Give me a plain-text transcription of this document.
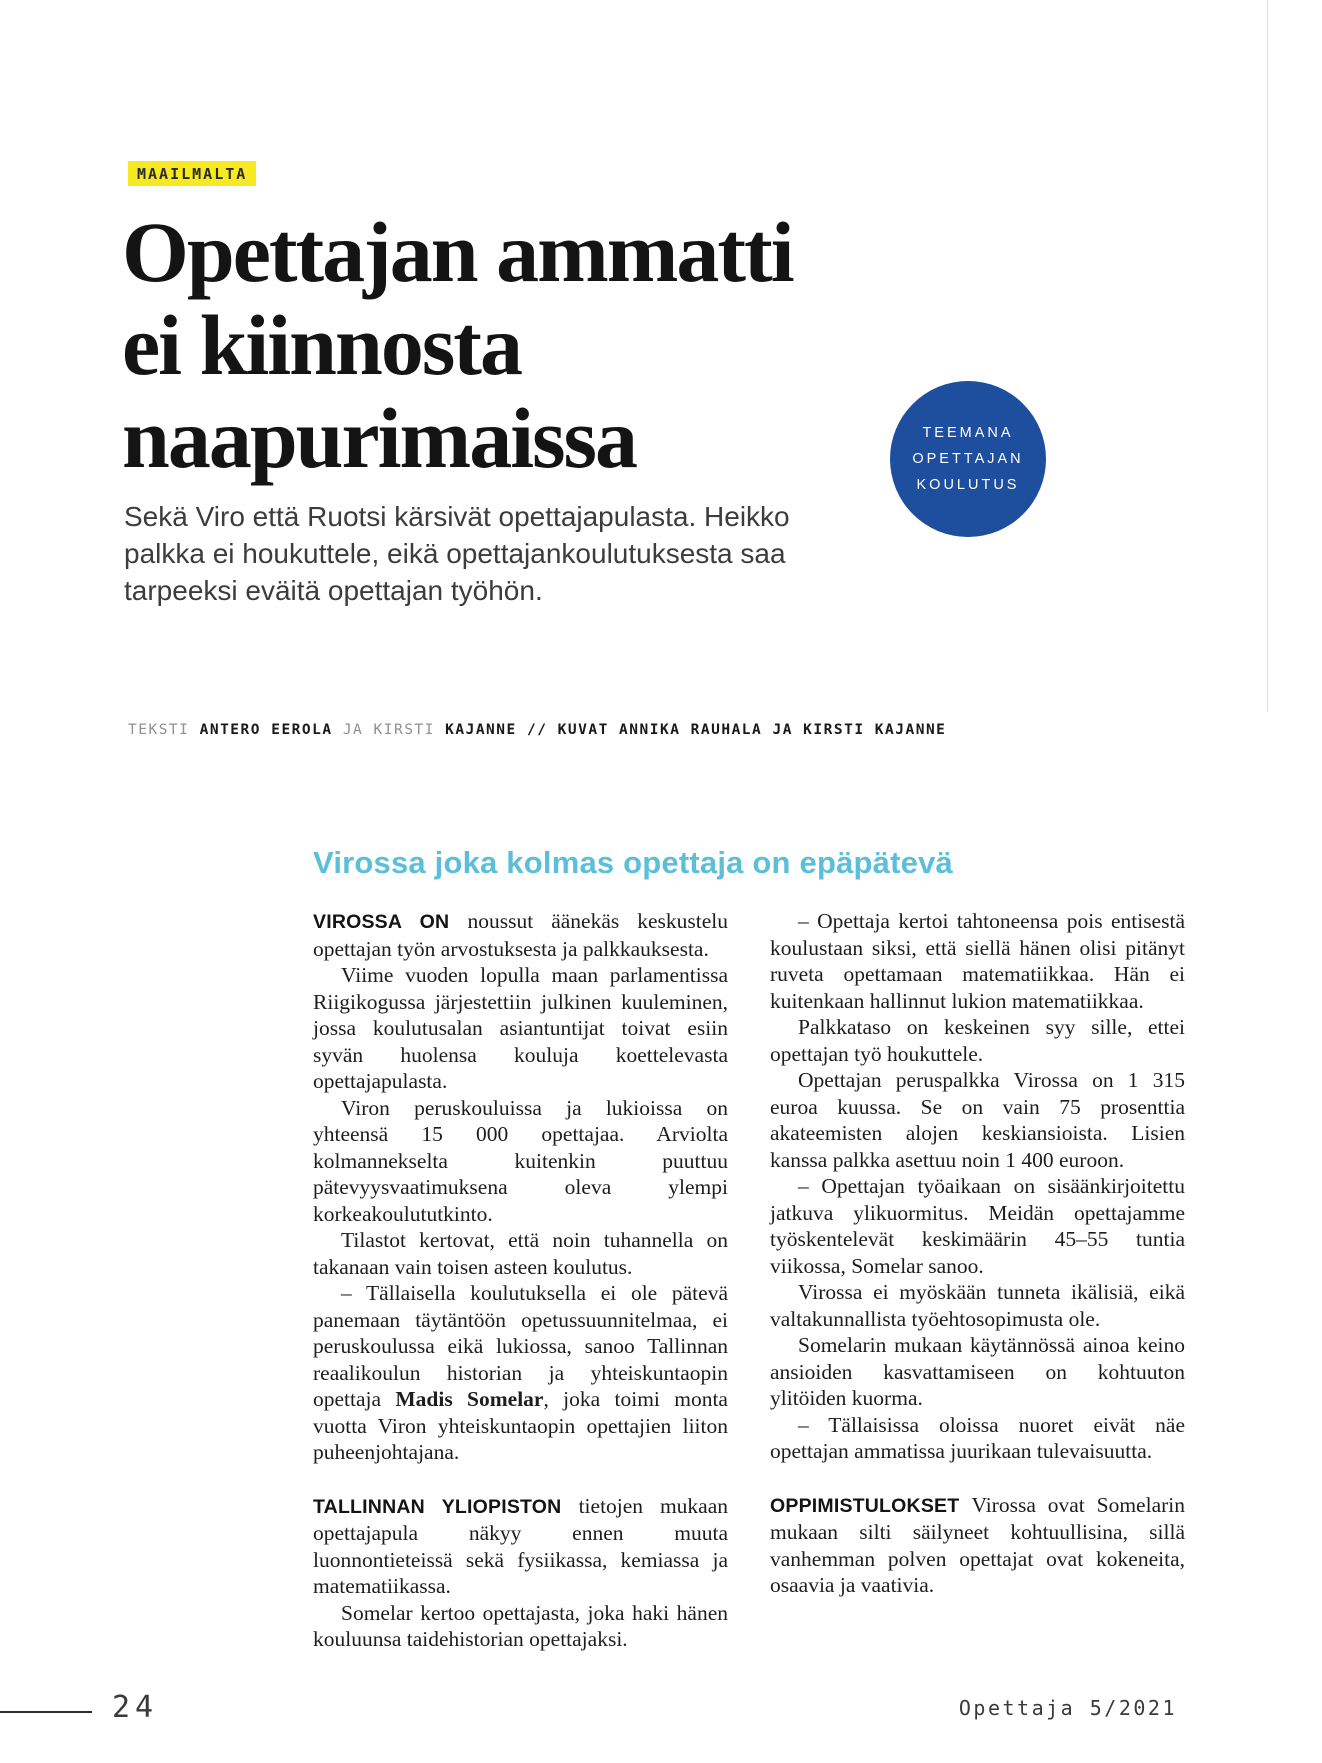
MAAILMALTA
Opettajan ammatti
ei kiinnosta
naapurimaissa	TEEMANA
OPETTAJAN
KOULUTUS

Sekä Viro että Ruotsi kärsivät opettajapulasta. Heikko palkka ei houkuttele, eikä opettajankoulutuksesta saa tarpeeksi eväitä opettajan työhön.

TEKSTI ANTERO EEROLA JA KIRSTI KAJANNE // KUVAT ANNIKA RAUHALA JA KIRSTI KAJANNE
Virossa joka kolmas opettaja on epäpätevä

VIROSSA ON noussut äänekäs keskustelu opettajan työn arvostuksesta ja palkkauksesta.

Viime vuoden lopulla maan parlamentissa Riigikogussa järjestettiin julkinen kuuleminen, jossa koulutusalan asiantuntijat toivat esiin syvän huolensa kouluja koettelevasta opettajapulasta.

Viron peruskouluissa ja lukioissa on yhteensä 15 000 opettajaa. Arviolta kolmannekselta kuitenkin puuttuu pätevyysvaatimuksena oleva ylempi korkeakoulututkinto.

Tilastot kertovat, että noin tuhannella on takanaan vain toisen asteen koulutus.

– Tällaisella koulutuksella ei ole pätevä panemaan täytäntöön opetussuunnitelmaa, ei peruskoulussa eikä lukiossa, sanoo Tallinnan reaalikoulun historian ja yhteiskuntaopin opettaja Madis Somelar, joka toimi monta vuotta Viron yhteiskuntaopin opettajien liiton puheenjohtajana.

TALLINNAN YLIOPISTON tietojen mukaan opettajapula näkyy ennen muuta luonnontieteissä sekä fysiikassa, kemiassa ja matematiikassa.

Somelar kertoo opettajasta, joka haki hänen kouluunsa taidehistorian opettajaksi.

– Opettaja kertoi tahtoneensa pois entisestä koulustaan siksi, että siellä hänen olisi pitänyt ruveta opettamaan matematiikkaa. Hän ei kuitenkaan hallinnut lukion matematiikkaa.

Palkkataso on keskeinen syy sille, ettei opettajan työ houkuttele.

Opettajan peruspalkka Virossa on 1 315 euroa kuussa. Se on vain 75 prosenttia akateemisten alojen keskiansioista. Lisien kanssa palkka asettuu noin 1 400 euroon.

– Opettajan työaikaan on sisäänkirjoitettu jatkuva ylikuormitus. Meidän opettajamme työskentelevät keskimäärin 45–55 tuntia viikossa, Somelar sanoo.

Virossa ei myöskään tunneta ikälisiä, eikä valtakunnallista työehtosopimusta ole.

Somelarin mukaan käytännössä ainoa keino ansioiden kasvattamiseen on kohtuuton ylitöiden kuorma.

– Tällaisissa oloissa nuoret eivät näe opettajan ammatissa juurikaan tulevaisuutta.

OPPIMISTULOKSET Virossa ovat Somelarin mukaan silti säilyneet kohtuullisina, sillä vanhemman polven opettajat ovat kokeneita, osaavia ja vaativia.

24	Opettaja 5/2021
